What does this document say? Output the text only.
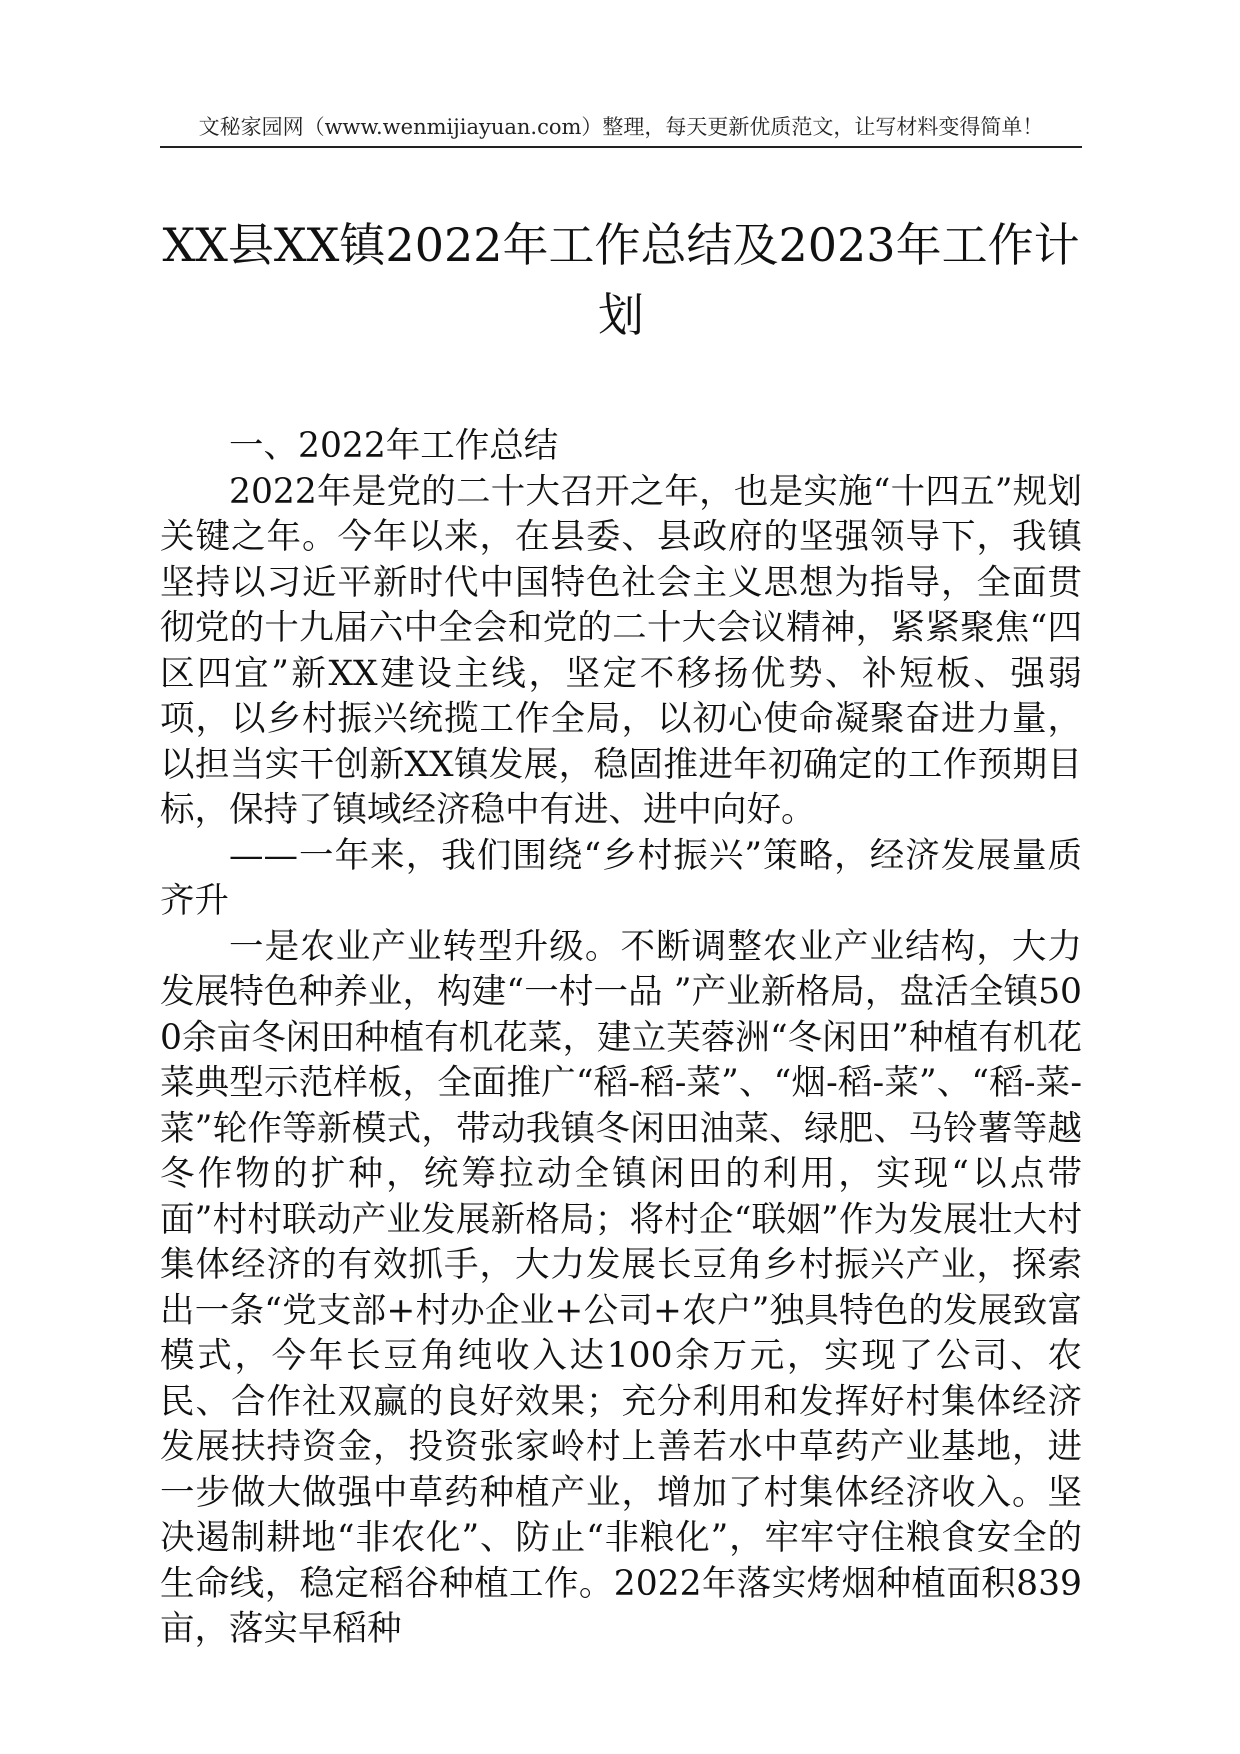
文秘家园网（www.wenmijiayuan.com）整理，每天更新优质范文，让写材料变得简单！
XX县XX镇2022年工作总结及2023年工作计划

一、2022年工作总结

2022年是党的二十大召开之年，也是实施“十四五”规划关键之年。今年以来，在县委、县政府的坚强领导下，我镇坚持以习近平新时代中国特色社会主义思想为指导，全面贯彻党的十九届六中全会和党的二十大会议精神，紧紧聚焦“四区四宜”新XX建设主线，坚定不移扬优势、补短板、强弱项，以乡村振兴统揽工作全局，以初心使命凝聚奋进力量，以担当实干创新XX镇发展，稳固推进年初确定的工作预期目标，保持了镇域经济稳中有进、进中向好。

——一年来，我们围绕“乡村振兴”策略，经济发展量质齐升

一是农业产业转型升级。不断调整农业产业结构，大力发展特色种养业，构建“一村一品 ”产业新格局，盘活全镇500余亩冬闲田种植有机花菜，建立芙蓉洲“冬闲田”种植有机花菜典型示范样板，全面推广“稻-稻-菜”、“烟-稻-菜”、“稻-菜-菜”轮作等新模式，带动我镇冬闲田油菜、绿肥、马铃薯等越冬作物的扩种，统筹拉动全镇闲田的利用，实现“以点带面”村村联动产业发展新格局；将村企“联姻”作为发展壮大村集体经济的有效抓手，大力发展长豆角乡村振兴产业，探索出一条“党支部+村办企业+公司+农户”独具特色的发展致富模式，今年长豆角纯收入达100余万元，实现了公司、农民、合作社双赢的良好效果；充分利用和发挥好村集体经济发展扶持资金，投资张家岭村上善若水中草药产业基地，进一步做大做强中草药种植产业，增加了村集体经济收入。坚决遏制耕地“非农化”、防止“非粮化”，牢牢守住粮食安全的生命线，稳定稻谷种植工作。2022年落实烤烟种植面积839亩，落实早稻种
